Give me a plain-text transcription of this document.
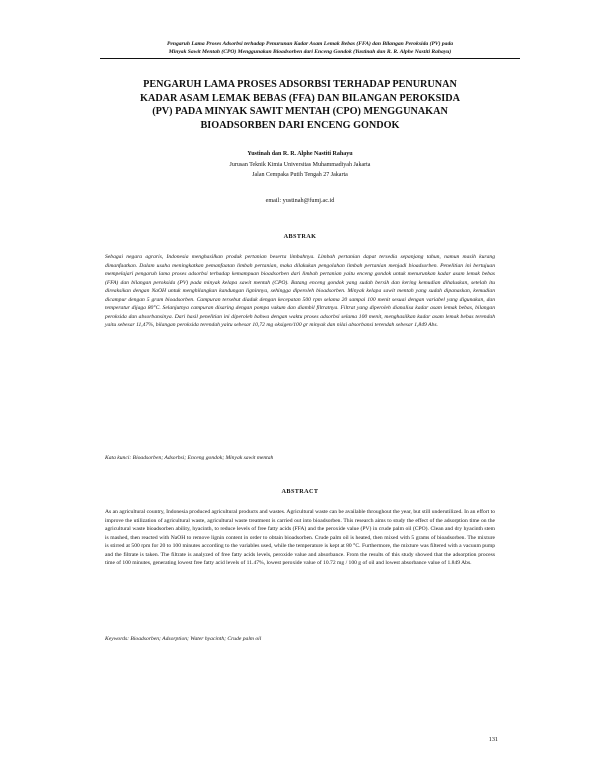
Pengaruh Lama Proses Adsorbsi terhadap Penurunan Kadar Asam Lemak Bebas (FFA) dan Bilangan Peroksida (PV) pada
Minyak Sawit Mentah (CPO) Menggunakan Bioadsorben dari Enceng Gondok (Yustinah dan R. R. Alphe Nastiti Rahayu)
PENGARUH LAMA PROSES ADSORBSI TERHADAP PENURUNAN
KADAR ASAM LEMAK BEBAS (FFA) DAN BILANGAN PEROKSIDA
(PV) PADA MINYAK SAWIT MENTAH (CPO) MENGGUNAKAN
BIOADSORBEN DARI ENCENG GONDOK
Yustinah dan R. R. Alphe Nastiti Rahayu
Jurusan Teknik Kimia Universitas Muhammadiyah Jakarta
Jalan Cempaka Putih Tengah 27 Jakarta
email: yustinah@fumj.ac.id
ABSTRAK

Sebagai negara agraris, Indonesia menghasilkan produk pertanian beserta limbahnya. Limbah pertanian dapat tersedia sepanjang tahun, namun masih kurang dimanfaatkan. Dalam usaha meningkatkan pemanfaatan limbah pertanian, maka dilakukan pengolahan limbah pertanian menjadi bioadsorben. Penelitian ini bertujuan mempelajari pengaruh lama proses adsorbsi terhadap kemampuan bioadsorben dari limbah pertanian yaitu enceng gondok untuk menurunkan kadar asam lemak bebas (FFA) dan bilangan peroksida (PV) pada minyak kelapa sawit mentah (CPO). Batang enceng gondok yang sudah bersih dan kering kemudian dihaluskan, setelah itu direaksikan dengan NaOH untuk menghilangkan kandungan ligninnya, sehingga diperoleh bioadsorben. Minyak kelapa sawit mentah yang sudah dipanaskan, kemudian dicampur dengan 5 gram bioadsorben. Campuran tersebut diaduk dengan kecepatan 500 rpm selama 20 sampai 100 menit sesuai dengan variabel yang digunakan, dan temperatur dijaga 80°C. Selanjutnya campuran disaring dengan pompa vakum dan diambil filtratnya. Filtrat yang diperoleh dianalisa kadar asam lemak bebas, bilangan peroksida dan absorbansinya. Dari hasil penelitian ini diperoleh bahwa dengan waktu proses adsorbsi selama 100 menit, menghasilkan kadar asam lemak bebas terendah yaitu sebesar 11,47%, bilangan peroksida terendah yaitu sebesar 10,72 mg oksigen/100 gr minyak dan nilai absorbansi terendah sebesar 1,849 Abs.

Kata kunci: Bioadsorben; Adsorbsi; Enceng gondok; Minyak sawit mentah
ABSTRACT

As an agricultural country, Indonesia produced agricultural products and wastes. Agricultural waste can be available throughout the year, but still underutilized. In an effort to improve the utilization of agricultural waste, agricultural waste treatment is carried out into bioadsorben. This research aims to study the effect of the adsorption time on the agricultural waste bioadsorben ability, hyacinth, to reduce levels of free fatty acids (FFA) and the peroxide value (PV) in crude palm oil (CPO). Clean and dry hyacinth stem is mashed, then reacted with NaOH to remove lignin content in order to obtain bioadsorben. Crude palm oil is heated, then mixed with 5 grams of bioadsorben. The mixture is stirred at 500 rpm for 20 to 100 minutes according to the variables used, while the temperature is kept at 80 °C. Furthermore, the mixture was filtered with a vacuum pump and the filtrate is taken. The filtrate is analyzed of free fatty acids levels, peroxide value and absorbance. From the results of this study showed that the adsorption process time of 100 minutes, generating lowest free fatty acid levels of 11.47%, lowest peroxide value of 10.72 mg / 100 g of oil and lowest absorbance value of 1.849 Abs.

Keywords: Bioadsorben; Adsorption; Water hyacinth; Crude palm oil
131
